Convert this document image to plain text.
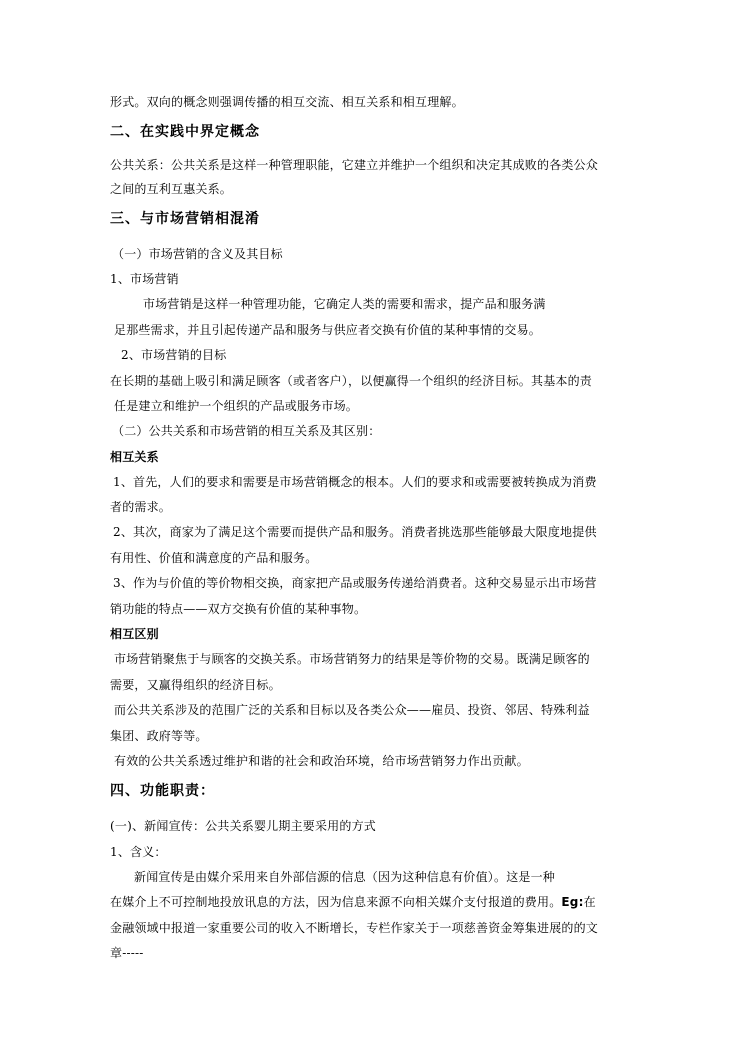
形式。双向的概念则强调传播的相互交流、相互关系和相互理解。
二、在实践中界定概念
公共关系：公共关系是这样一种管理职能，它建立并维护一个组织和决定其成败的各类公众
之间的互利互惠关系。
三、与市场营销相混淆
（一）市场营销的含义及其目标
1、市场营销
市场营销是这样一种管理功能，它确定人类的需要和需求，提产品和服务满
足那些需求，并且引起传递产品和服务与供应者交换有价值的某种事情的交易。
2、市场营销的目标
在长期的基础上吸引和满足顾客（或者客户），以便赢得一个组织的经济目标。其基本的责
任是建立和维护一个组织的产品或服务市场。
（二）公共关系和市场营销的相互关系及其区别：
相互关系
1、首先，人们的要求和需要是市场营销概念的根本。人们的要求和或需要被转换成为消费
者的需求。
2、其次，商家为了满足这个需要而提供产品和服务。消费者挑选那些能够最大限度地提供
有用性、价值和满意度的产品和服务。
3、作为与价值的等价物相交换，商家把产品或服务传递给消费者。这种交易显示出市场营
销功能的特点——双方交换有价值的某种事物。
相互区别
市场营销聚焦于与顾客的交换关系。市场营销努力的结果是等价物的交易。既满足顾客的
需要，又赢得组织的经济目标。
而公共关系涉及的范围广泛的关系和目标以及各类公众——雇员、投资、邻居、特殊利益
集团、政府等等。
有效的公共关系透过维护和谐的社会和政治环境，给市场营销努力作出贡献。
四、功能职责：
(一)、新闻宣传：公共关系婴儿期主要采用的方式
1、含义：
新闻宣传是由媒介采用来自外部信源的信息（因为这种信息有价值）。这是一种
在媒介上不可控制地投放讯息的方法，因为信息来源不向相关媒介支付报道的费用。Eg:在
金融领域中报道一家重要公司的收入不断增长，专栏作家关于一项慈善资金筹集进展的的文
章-----
